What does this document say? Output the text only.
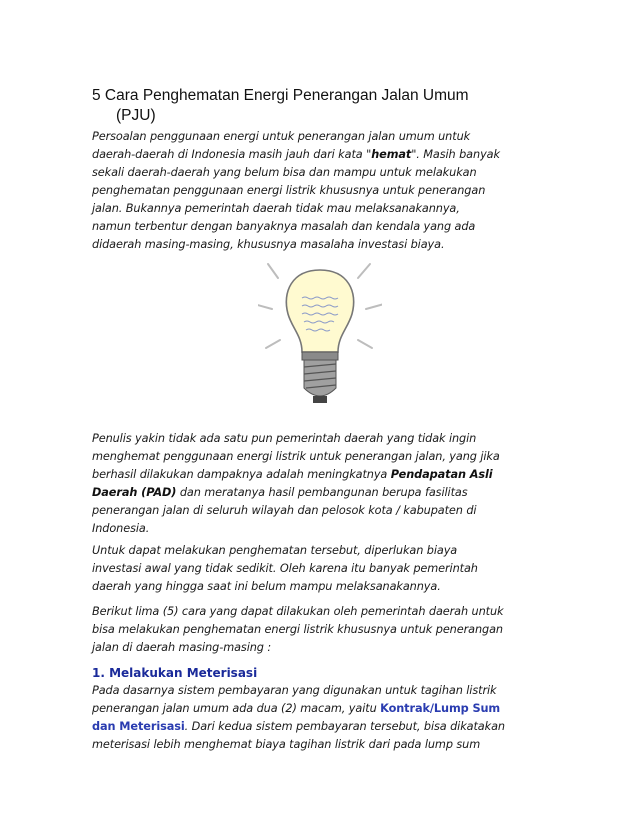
5 Cara Penghematan Energi Penerangan Jalan Umum
(PJU)

Persoalan penggunaan energi untuk penerangan jalan umum untuk
daerah-daerah di Indonesia masih jauh dari kata "hemat". Masih banyak
sekali daerah-daerah yang belum bisa dan mampu untuk melakukan
penghematan penggunaan energi listrik khususnya untuk penerangan
jalan. Bukannya pemerintah daerah tidak mau melaksanakannya,
namun terbentur dengan banyaknya masalah dan kendala yang ada
didaerah masing-masing, khususnya masalaha investasi biaya.

Penulis yakin tidak ada satu pun pemerintah daerah yang tidak ingin
menghemat penggunaan energi listrik untuk penerangan jalan, yang jika
berhasil dilakukan dampaknya adalah meningkatnya Pendapatan Asli
Daerah (PAD) dan meratanya hasil pembangunan berupa fasilitas
penerangan jalan di seluruh wilayah dan pelosok kota / kabupaten di
Indonesia.

Untuk dapat melakukan penghematan tersebut, diperlukan biaya
investasi awal yang tidak sedikit. Oleh karena itu banyak pemerintah
daerah yang hingga saat ini belum mampu melaksanakannya.

Berikut lima (5) cara yang dapat dilakukan oleh pemerintah daerah untuk
bisa melakukan penghematan energi listrik khususnya untuk penerangan
jalan di daerah masing-masing :

1. Melakukan Meterisasi

Pada dasarnya sistem pembayaran yang digunakan untuk tagihan listrik
penerangan jalan umum ada dua (2) macam, yaitu Kontrak/Lump Sum
dan Meterisasi. Dari kedua sistem pembayaran tersebut, bisa dikatakan
meterisasi lebih menghemat biaya tagihan listrik dari pada lump sum
